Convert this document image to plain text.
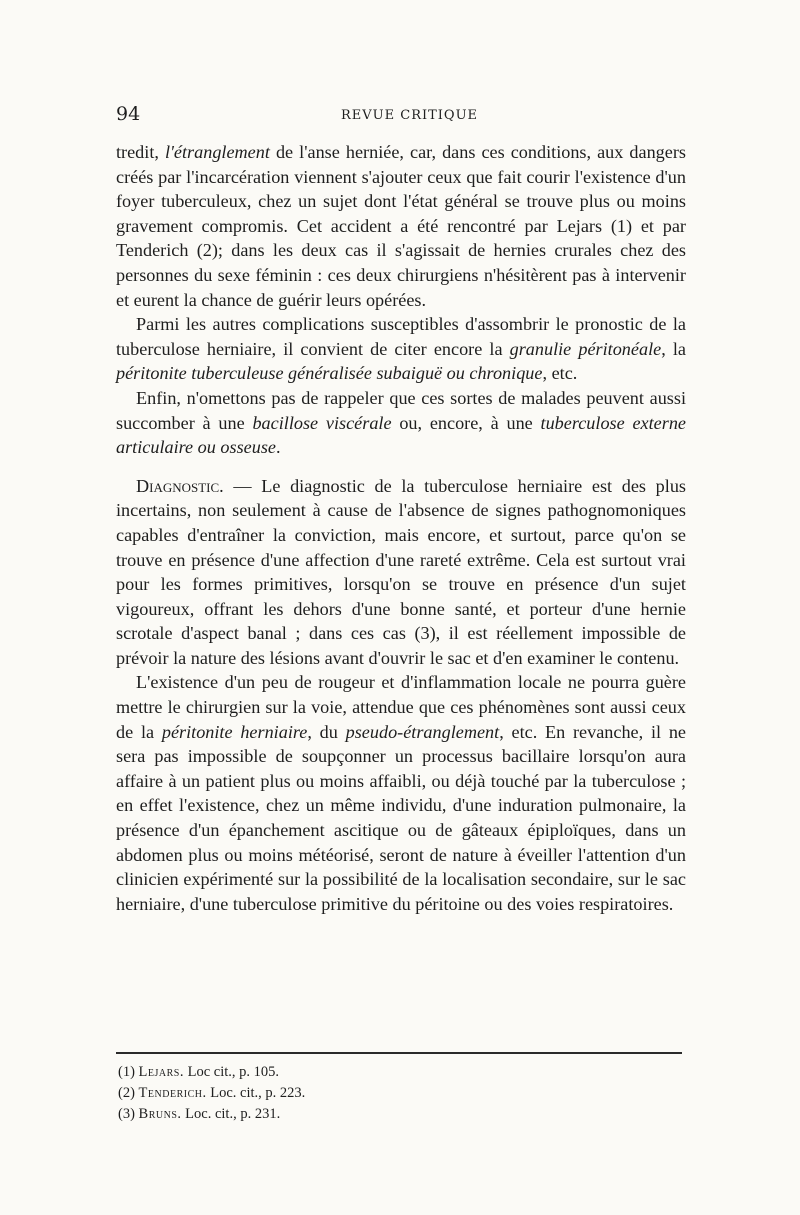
94	REVUE CRITIQUE

tredit, l'étranglement de l'anse herniée, car, dans ces conditions, aux dangers créés par l'incarcération viennent s'ajouter ceux que fait courir l'existence d'un foyer tuberculeux, chez un sujet dont l'état général se trouve plus ou moins gravement compromis. Cet accident a été rencontré par Lejars (1) et par Tenderich (2); dans les deux cas il s'agissait de hernies crurales chez des personnes du sexe féminin : ces deux chirurgiens n'hésitèrent pas à intervenir et eurent la chance de guérir leurs opérées.

Parmi les autres complications susceptibles d'assombrir le pronostic de la tuberculose herniaire, il convient de citer encore la granulie péritonéale, la péritonite tuberculeuse généralisée subaiguë ou chronique, etc.

Enfin, n'omettons pas de rappeler que ces sortes de malades peuvent aussi succomber à une bacillose viscérale ou, encore, à une tuberculose externe articulaire ou osseuse.

Diagnostic. — Le diagnostic de la tuberculose herniaire est des plus incertains, non seulement à cause de l'absence de signes pathognomoniques capables d'entraîner la conviction, mais encore, et surtout, parce qu'on se trouve en présence d'une affection d'une rareté extrême. Cela est surtout vrai pour les formes primitives, lorsqu'on se trouve en présence d'un sujet vigoureux, offrant les dehors d'une bonne santé, et porteur d'une hernie scrotale d'aspect banal ; dans ces cas (3), il est réellement impossible de prévoir la nature des lésions avant d'ouvrir le sac et d'en examiner le contenu.

L'existence d'un peu de rougeur et d'inflammation locale ne pourra guère mettre le chirurgien sur la voie, attendue que ces phénomènes sont aussi ceux de la péritonite herniaire, du pseudo-étranglement, etc. En revanche, il ne sera pas impossible de soupçonner un processus bacillaire lorsqu'on aura affaire à un patient plus ou moins affaibli, ou déjà touché par la tuberculose ; en effet l'existence, chez un même individu, d'une induration pulmonaire, la présence d'un épanchement ascitique ou de gâteaux épiploïques, dans un abdomen plus ou moins météorisé, seront de nature à éveiller l'attention d'un clinicien expérimenté sur la possibilité de la localisation secondaire, sur le sac herniaire, d'une tuberculose primitive du péritoine ou des voies respiratoires.

(1) Lejars. Loc cit., p. 105.
(2) Tenderich. Loc. cit., p. 223.
(3) Bruns. Loc. cit., p. 231.
